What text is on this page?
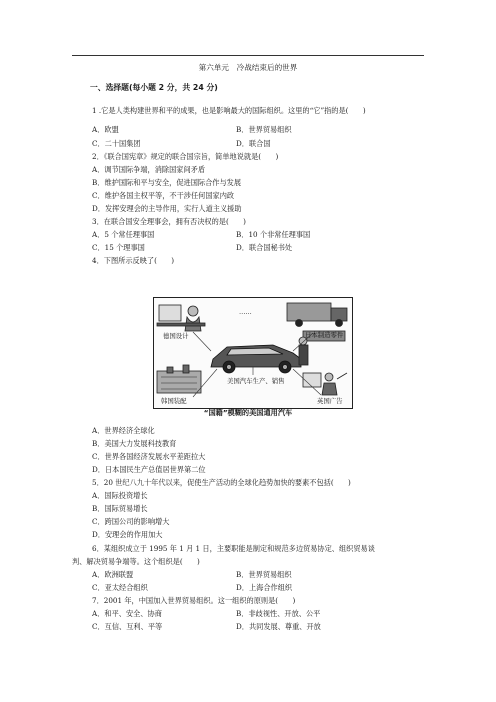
第六单元　冷战结束后的世界
一、选择题(每小题 2 分，共 24 分)
1 .它是人类构建世界和平的成果，也是影响最大的国际组织。这里的“它”指的是(　　)
A．欧盟	B．世界贸易组织
C．二十国集团	D．联合国
2．《联合国宪章》规定的联合国宗旨，简单地说就是(　　)
A．调节国际争端，消除国家间矛盾
B．维护国际和平与安全，促进国际合作与发展
C．维护各国主权平等，不干涉任何国家内政
D．发挥安理会的主导作用，实行人道主义援助
3．在联合国安全理事会，拥有否决权的是(　　)
A．5 个常任理事国	B．10 个非常任理事国
C．15 个理事国	D．联合国秘书处
4．下图所示反映了(　　)
……
德国设计	日本制造零件
美国汽车生产、销售
韩国装配	英国广告
“国籍”模糊的美国通用汽车
A．世界经济全球化
B．美国大力发展科技教育
C．世界各国经济发展水平差距拉大
D．日本国民生产总值居世界第二位
5．20 世纪八九十年代以来，促使生产活动的全球化趋势加快的要素不包括(　　)
A．国际投资增长
B．国际贸易增长
C．跨国公司的影响增大
D．安理会的作用加大
6．某组织成立于 1995 年 1 月 1 日，主要职能是制定和规范多边贸易协定、组织贸易谈
判、解决贸易争端等。这个组织是(　　)
A．欧洲联盟	B．世界贸易组织
C．亚太经合组织	D．上海合作组织
7．2001 年，中国加入世界贸易组织。这一组织的原则是(　　)
A．和平、安全、协商	B．非歧视性、开放、公平
C．互信、互利、平等	D．共同发展、尊重、开放
